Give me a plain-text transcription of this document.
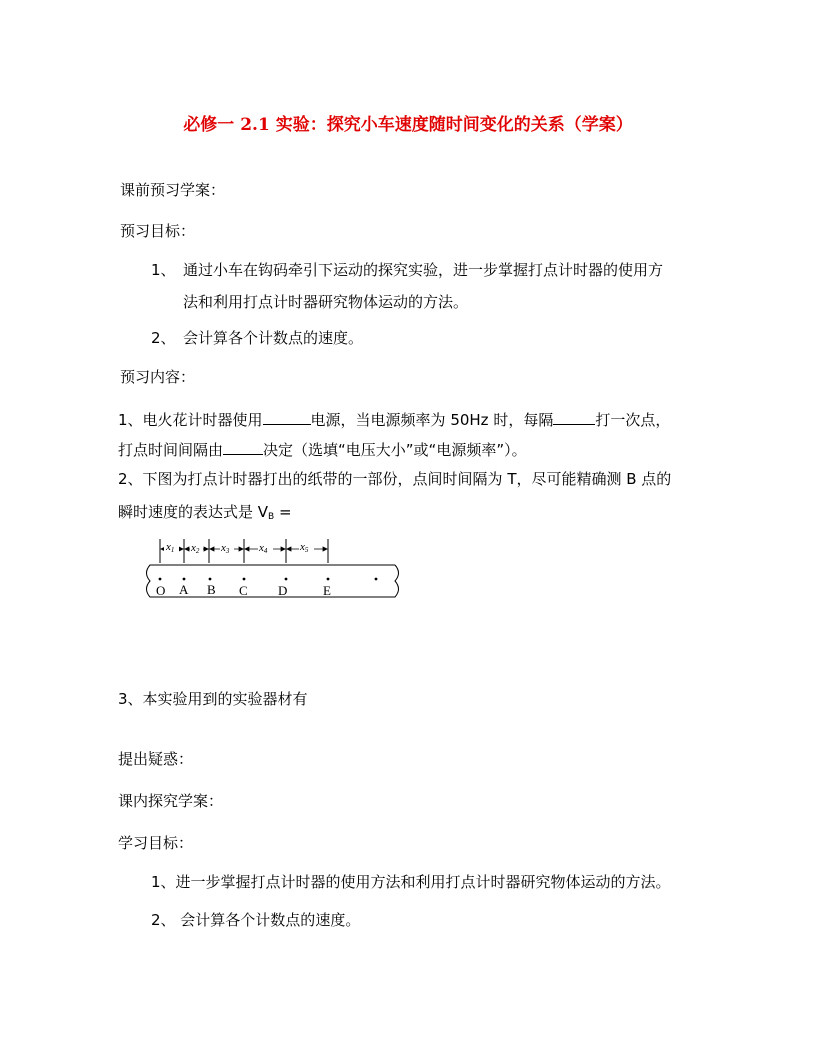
必修一 2.1 实验：探究小车速度随时间变化的关系（学案）
课前预习学案：
预习目标：
1、 通过小车在钩码牵引下运动的探究实验，进一步掌握打点计时器的使用方
法和利用打点计时器研究物体运动的方法。
2、 会计算各个计数点的速度。
预习内容：
1、电火花计时器使用	电源，当电源频率为 50Hz 时，每隔	打一次点，
打点时间间隔由	决定（选填“电压大小”或“电源频率”）。
2、下图为打点计时器打出的纸带的一部份，点间时间隔为 T，尽可能精确测 B 点的
瞬时速度的表达式是 $V_B$ =
x1 x2 x3	x4	x5
O A B C D	E
3、本实验用到的实验器材有
提出疑惑：
课内探究学案：
学习目标：
1、进一步掌握打点计时器的使用方法和利用打点计时器研究物体运动的方法。
2、 会计算各个计数点的速度。
